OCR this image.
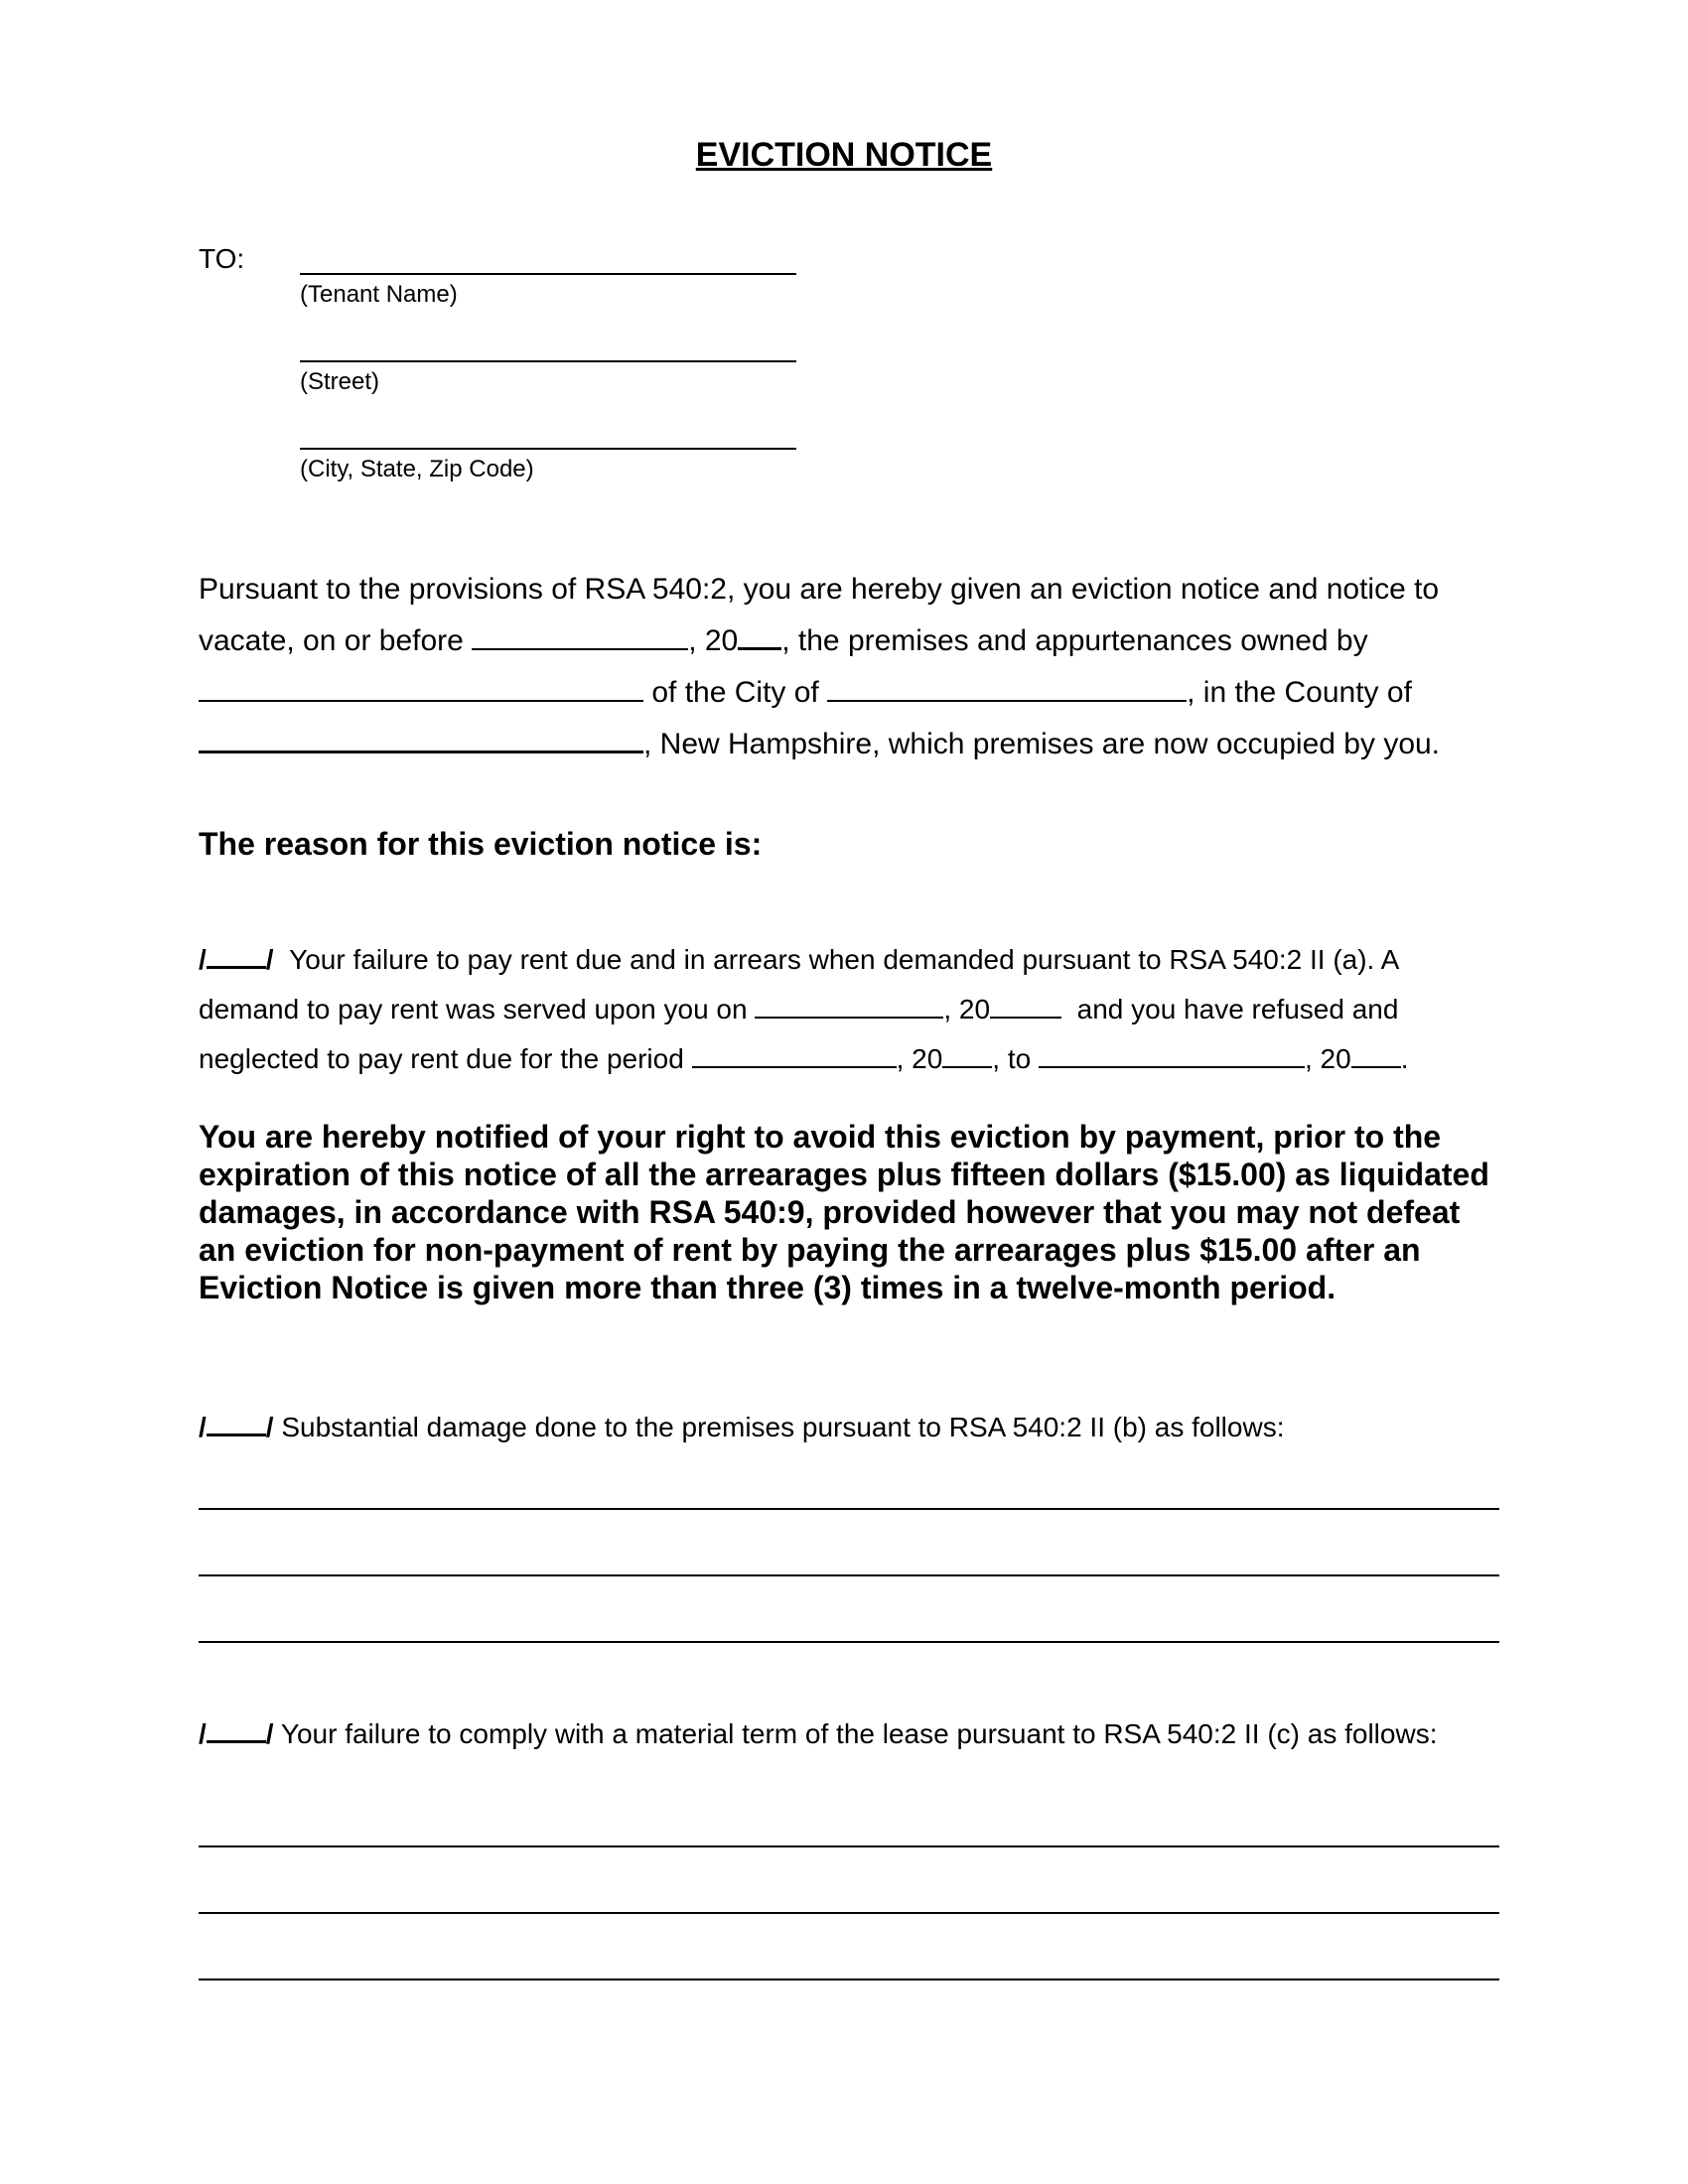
EVICTION NOTICE
TO:
(Tenant Name)
(Street)
(City, State, Zip Code)
Pursuant to the provisions of RSA 540:2, you are hereby given an eviction notice and notice to
vacate, on or before	, 20 , the premises and appurtenances owned by
of the City of	, in the County of
, New Hampshire, which premises are now occupied by you.
The reason for this eviction notice is:
/ / Your failure to pay rent due and in arrears when demanded pursuant to RSA 540:2 II (a). A
demand to pay rent was served upon you on	, 20	and you have refused and
neglected to pay rent due for the period	, 20 , to	, 20 .
You are hereby notified of your right to avoid this eviction by payment, prior to the expiration of this notice of all the arrearages plus fifteen dollars ($15.00) as liquidated damages, in accordance with RSA 540:9, provided however that you may not defeat an eviction for non-payment of rent by paying the arrearages plus $15.00 after an Eviction Notice is given more than three (3) times in a twelve-month period.
/ / Substantial damage done to the premises pursuant to RSA 540:2 II (b) as follows:
/ / Your failure to comply with a material term of the lease pursuant to RSA 540:2 II (c) as follows:
